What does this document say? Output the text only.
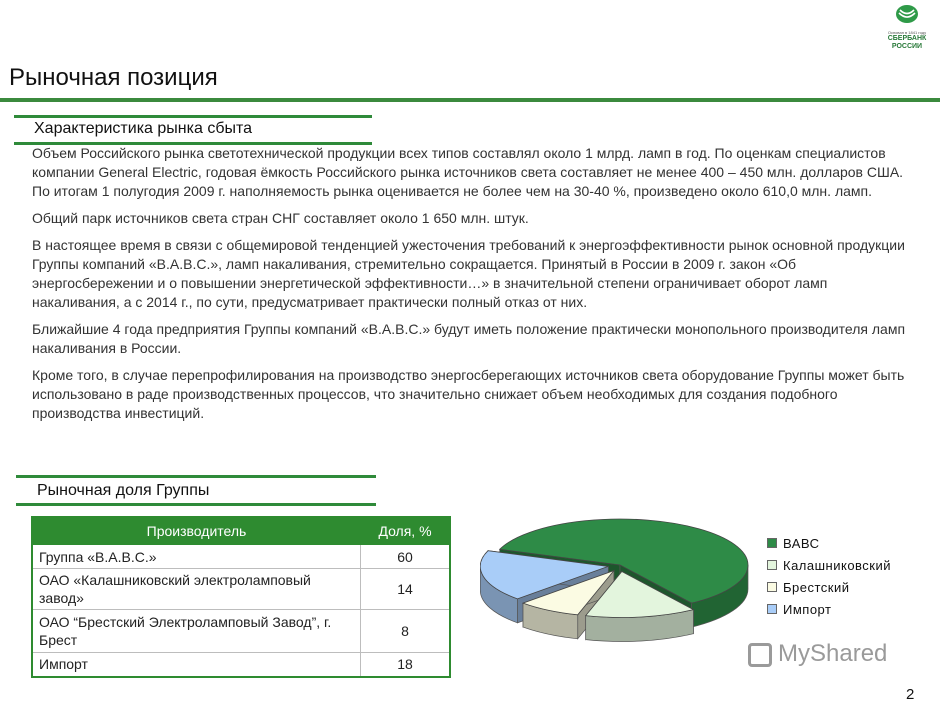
Основан в 1841 году
СБЕРБАНК
РОССИИ
Рыночная позиция
Характеристика рынка сбыта

Объем Российского рынка светотехнической продукции всех типов составлял около 1 млрд. ламп в год. По оценкам специалистов компании General Electric, годовая ёмкость Российского рынка источников света составляет не менее 400 – 450 млн. долларов США. По итогам 1 полугодия 2009 г. наполняемость рынка оценивается не более чем на 30-40 %, произведено около 610,0 млн. ламп.

Общий парк источников света стран СНГ составляет около 1 650 млн. штук.

В настоящее время в связи с общемировой тенденцией ужесточения требований к энергоэффективности рынок основной продукции Группы компаний «В.А.В.С.», ламп накаливания, стремительно сокращается. Принятый в России в 2009 г. закон «Об энергосбережении и о повышении энергетической эффективности…» в значительной степени ограничивает оборот ламп накаливания, а с 2014 г., по сути, предусматривает практически полный отказ от них.

Ближайшие 4 года предприятия Группы компаний «В.А.В.С.» будут иметь положение практически монопольного производителя ламп накаливания в России.

Кроме того, в случае перепрофилирования на производство энергосберегающих источников света оборудование Группы может быть использовано в раде производственных процессов, что значительно снижает объем необходимых для создания подобного производства инвестиций.

Рыночная доля Группы
Производитель	Доля, %
Группа «В.А.В.С.»	60
ОАО «Калашниковский электроламповый завод»	14
ОАО “Брестский Электроламповый Завод”, г. Брест	8
Импорт	18
ВАВС
Калашниковский
Брестский
Импорт
MyShared
2
